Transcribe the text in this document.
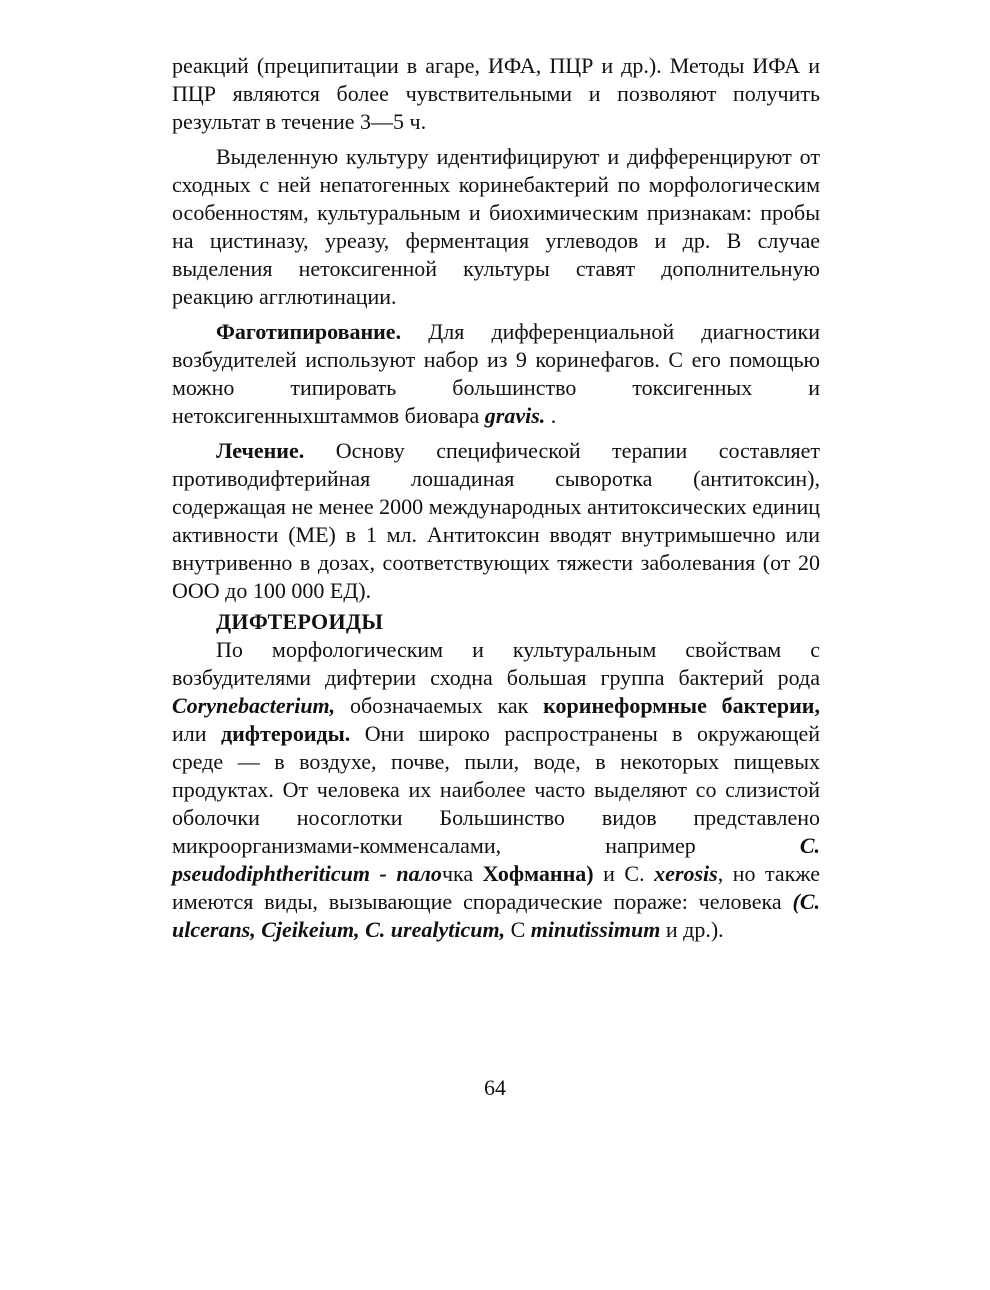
реакций (преципитации в агаре, ИФА, ПЦР и др.). Методы ИФА и ПЦР являются более чувствительными и позволяют получить результат в течение 3—5 ч.

Выделенную культуру идентифицируют и дифференцируют от сходных с ней непатогенных коринебактерий по морфологическим особенностям, культуральным и биохимическим признакам: пробы на цистиназу, уреазу, ферментация углеводов и др. В случае выделения нетоксигенной культуры ставят дополнительную реакцию агглютинации.

Фаготипирование. Для дифференциальной диагностики возбудителей используют набор из 9 коринефагов. С его помощью можно типировать большинство токсигенных и нетоксигенныхштаммов биовара gravis. .

Лечение. Основу специфической терапии составляет противодифтерийная лошадиная сыворотка (антитоксин), содержащая не менее 2000 международных антитоксических единиц активности (МЕ) в 1 мл. Антитоксин вводят внутримышечно или внутривенно в дозах, соответствующих тяжести заболевания (от 20 ООО до 100 000 ЕД).

ДИФТЕРОИДЫ

По морфологическим и культуральным свойствам с возбудителями дифтерии сходна большая группа бактерий рода Corynebacterium, обозначаемых как коринеформные бактерии, или дифтероиды. Они широко распространены в окружающей среде — в воздухе, почве, пыли, воде, в некоторых пищевых продуктах. От человека их наиболее часто выделяют со слизистой оболочки носоглотки Большинство видов представлено микроорганизмами-комменсалами, например C. pseudodiphtheriticum - палочка Хофманна) и С. xerosis, но также имеются виды, вызывающие спорадические пораже: человека (C. ulcerans, Cjeikeium, C. urealyticum, С minutissimum и др.).

64
